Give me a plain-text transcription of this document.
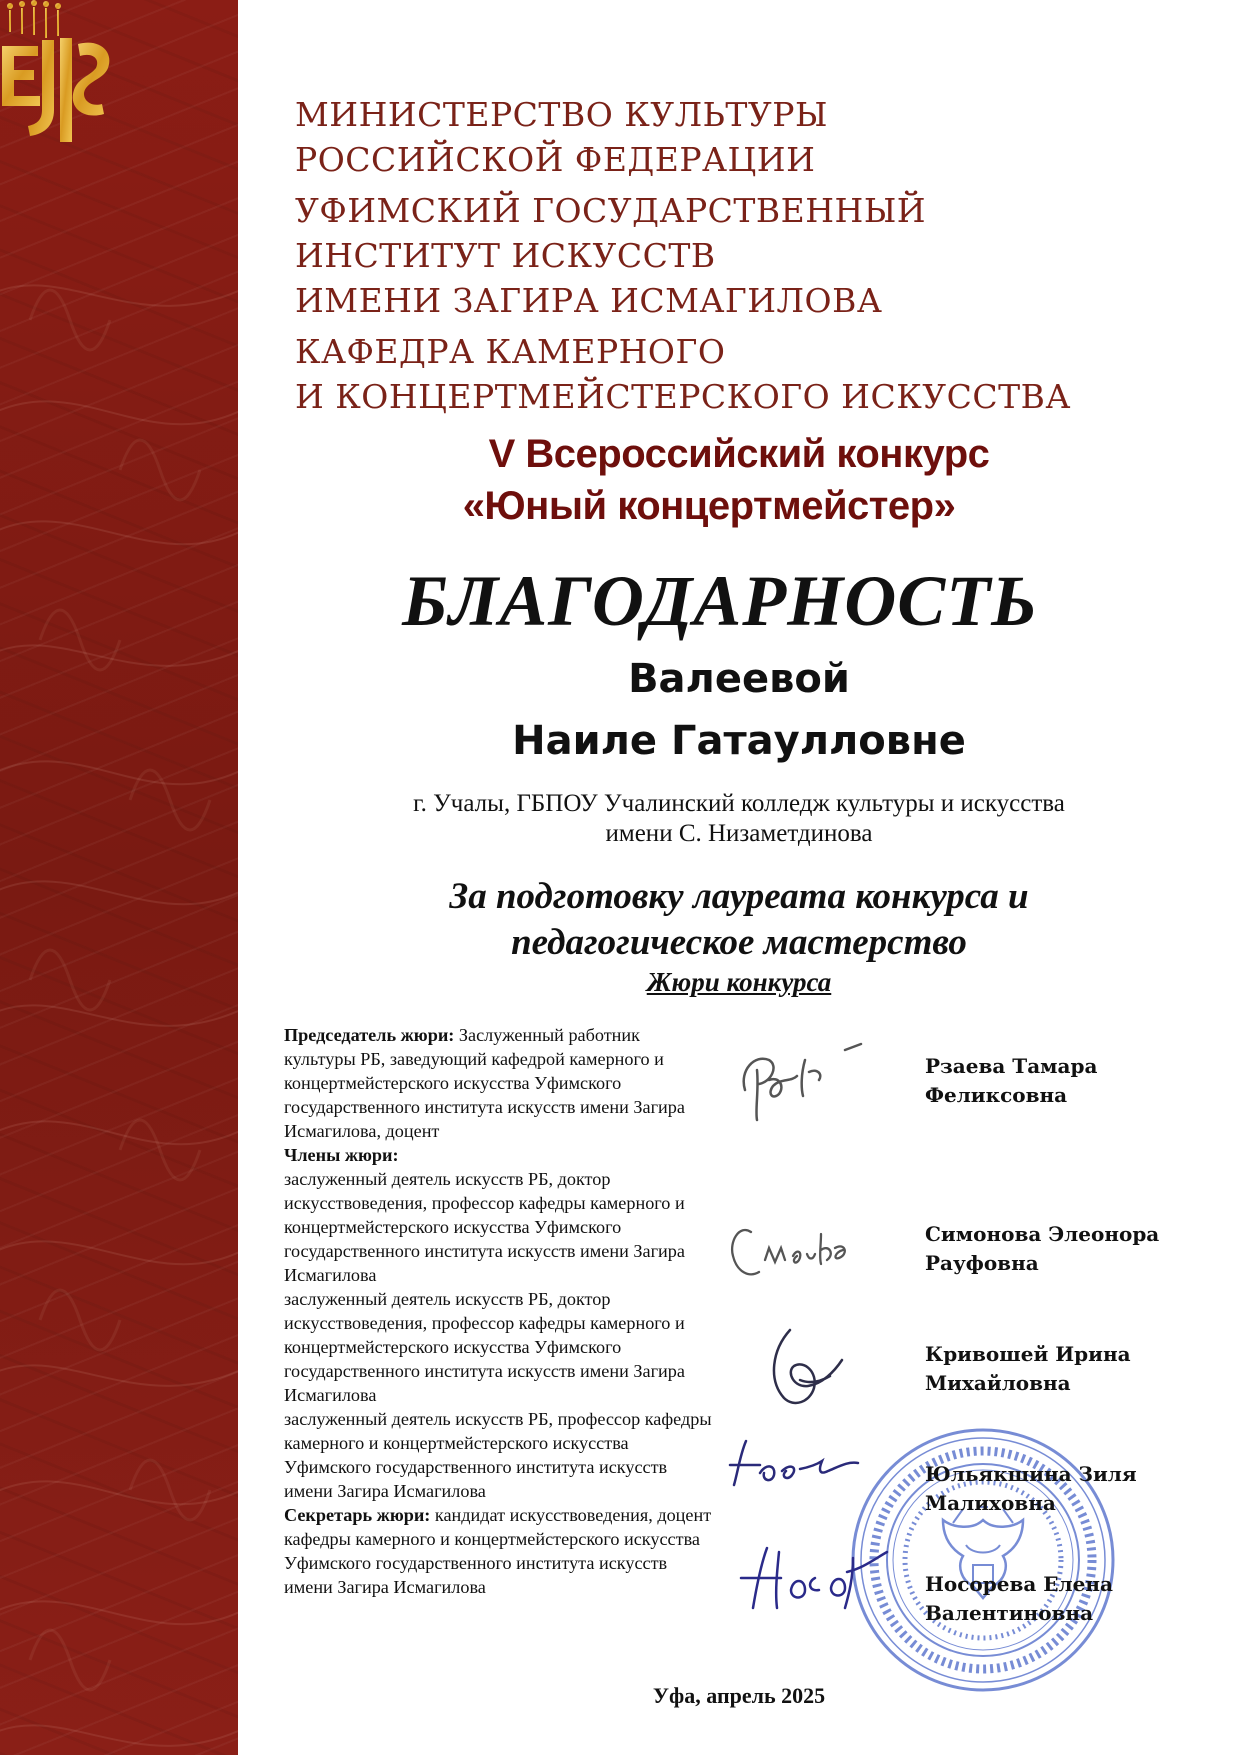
МИНИСТЕРСТВО КУЛЬТУРЫ
РОССИЙСКОЙ ФЕДЕРАЦИИ
УФИМСКИЙ ГОСУДАРСТВЕННЫЙ
ИНСТИТУТ ИСКУССТВ
ИМЕНИ ЗАГИРА ИСМАГИЛОВА
КАФЕДРА КАМЕРНОГО
И КОНЦЕРТМЕЙСТЕРСКОГО ИСКУССТВА
V Всероссийский конкурс
«Юный концертмейстер»
БЛАГОДАРНОСТЬ
Валеевой
Наиле Гатаулловне
г. Учалы, ГБПОУ Учалинский колледж культуры и искусства
имени С. Низаметдинова
За подготовку лауреата конкурса и
педагогическое мастерство
Жюри конкурса
Председатель жюри: Заслуженный работник культуры РБ, заведующий кафедрой камерного и концертмейстерского искусства Уфимского государственного института искусств имени Загира Исмагилова, доцент
Члены жюри:
заслуженный деятель искусств РБ, доктор искусствоведения, профессор кафедры камерного и концертмейстерского искусства Уфимского государственного института искусств имени Загира Исмагилова
заслуженный деятель искусств РБ, доктор искусствоведения, профессор кафедры камерного и концертмейстерского искусства Уфимского государственного института искусств имени Загира Исмагилова
заслуженный деятель искусств РБ, профессор кафедры камерного и концертмейстерского искусства Уфимского государственного института искусств имени Загира Исмагилова
Секретарь жюри: кандидат искусствоведения, доцент кафедры камерного и концертмейстерского искусства Уфимского государственного института искусств имени Загира Исмагилова
Рзаева Тамара
Феликсовна
Симонова Элеонора
Рауфовна
Кривошей Ирина
Михайловна
Юльякшина Зиля
Малиховна
Носорева Елена
Валентиновна
Уфа, апрель 2025
